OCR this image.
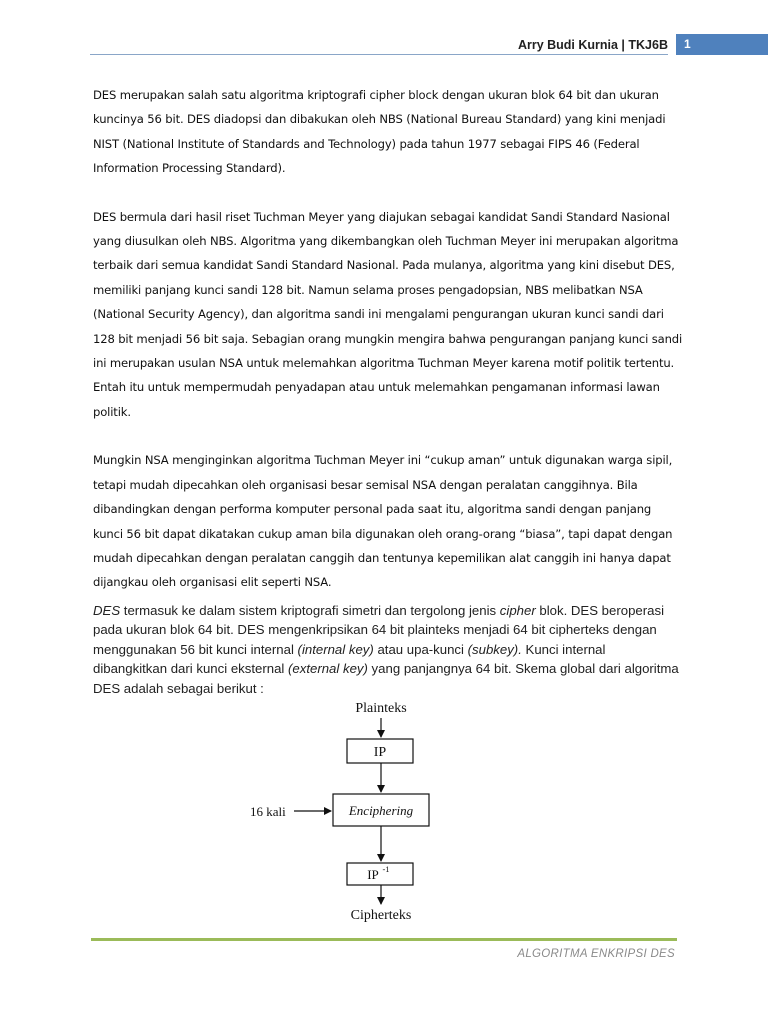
Arry Budi Kurnia | TKJ6B 1

DES merupakan salah satu algoritma kriptografi cipher block dengan ukuran blok 64 bit dan ukuran kuncinya 56 bit. DES diadopsi dan dibakukan oleh NBS (National Bureau Standard) yang kini menjadi NIST (National Institute of Standards and Technology) pada tahun 1977 sebagai FIPS 46 (Federal Information Processing Standard).

DES bermula dari hasil riset Tuchman Meyer yang diajukan sebagai kandidat Sandi Standard Nasional yang diusulkan oleh NBS. Algoritma yang dikembangkan oleh Tuchman Meyer ini merupakan algoritma terbaik dari semua kandidat Sandi Standard Nasional. Pada mulanya, algoritma yang kini disebut DES, memiliki panjang kunci sandi 128 bit. Namun selama proses pengadopsian, NBS melibatkan NSA (National Security Agency), dan algoritma sandi ini mengalami pengurangan ukuran kunci sandi dari 128 bit menjadi 56 bit saja. Sebagian orang mungkin mengira bahwa pengurangan panjang kunci sandi ini merupakan usulan NSA untuk melemahkan algoritma Tuchman Meyer karena motif politik tertentu. Entah itu untuk mempermudah penyadapan atau untuk melemahkan pengamanan informasi lawan politik.

Mungkin NSA menginginkan algoritma Tuchman Meyer ini “cukup aman” untuk digunakan warga sipil, tetapi mudah dipecahkan oleh organisasi besar semisal NSA dengan peralatan canggihnya. Bila dibandingkan dengan performa komputer personal pada saat itu, algoritma sandi dengan panjang kunci 56 bit dapat dikatakan cukup aman bila digunakan oleh orang-orang “biasa”, tapi dapat dengan mudah dipecahkan dengan peralatan canggih dan tentunya kepemilikan alat canggih ini hanya dapat dijangkau oleh organisasi elit seperti NSA.

DES termasuk ke dalam sistem kriptografi simetri dan tergolong jenis cipher blok. DES beroperasi pada ukuran blok 64 bit. DES mengenkripsikan 64 bit plainteks menjadi 64 bit cipherteks dengan menggunakan 56 bit kunci internal (internal key) atau upa-kunci (subkey). Kunci internal dibangkitkan dari kunci eksternal (external key) yang panjangnya 64 bit. Skema global dari algoritma DES adalah sebagai berikut :

Plainteks
IP
Enciphering
16 kali
IP -1
Cipherteks
ALGORITMA ENKRIPSI DES
